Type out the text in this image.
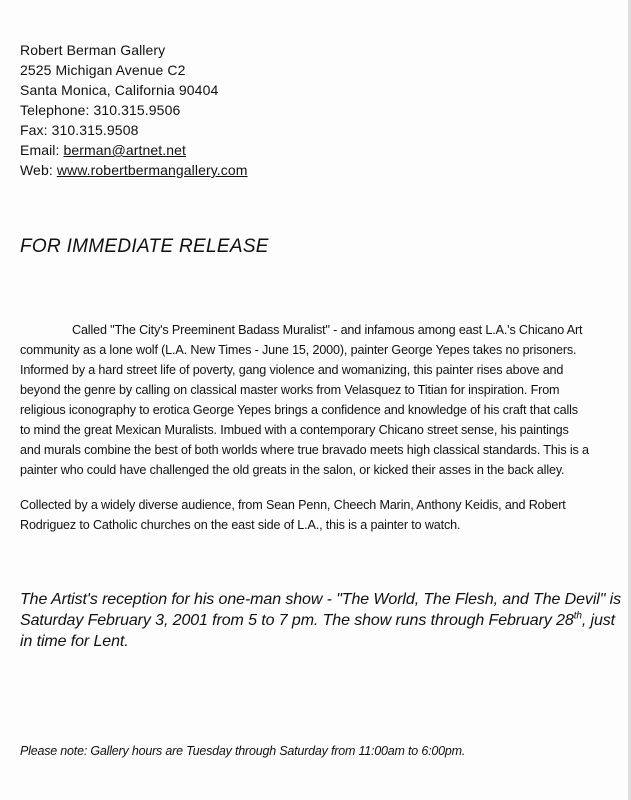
Robert Berman Gallery
2525 Michigan Avenue C2
Santa Monica, California 90404
Telephone: 310.315.9506
Fax: 310.315.9508
Email: berman@artnet.net
Web: www.robertbermangallery.com
FOR IMMEDIATE RELEASE
Called "The City's Preeminent Badass Muralist" - and infamous among east L.A.'s Chicano Art community as a lone wolf (L.A. New Times - June 15, 2000), painter George Yepes takes no prisoners. Informed by a hard street life of poverty, gang violence and womanizing, this painter rises above and beyond the genre by calling on classical master works from Velasquez to Titian for inspiration. From religious iconography to erotica George Yepes brings a confidence and knowledge of his craft that calls to mind the great Mexican Muralists. Imbued with a contemporary Chicano street sense, his paintings and murals combine the best of both worlds where true bravado meets high classical standards. This is a painter who could have challenged the old greats in the salon, or kicked their asses in the back alley.
Collected by a widely diverse audience, from Sean Penn, Cheech Marin, Anthony Keidis, and Robert Rodriguez to Catholic churches on the east side of L.A., this is a painter to watch.
The Artist's reception for his one-man show - "The World, The Flesh, and The Devil" is Saturday February 3, 2001 from 5 to 7 pm. The show runs through February 28th, just in time for Lent.
Please note: Gallery hours are Tuesday through Saturday from 11:00am to 6:00pm.
